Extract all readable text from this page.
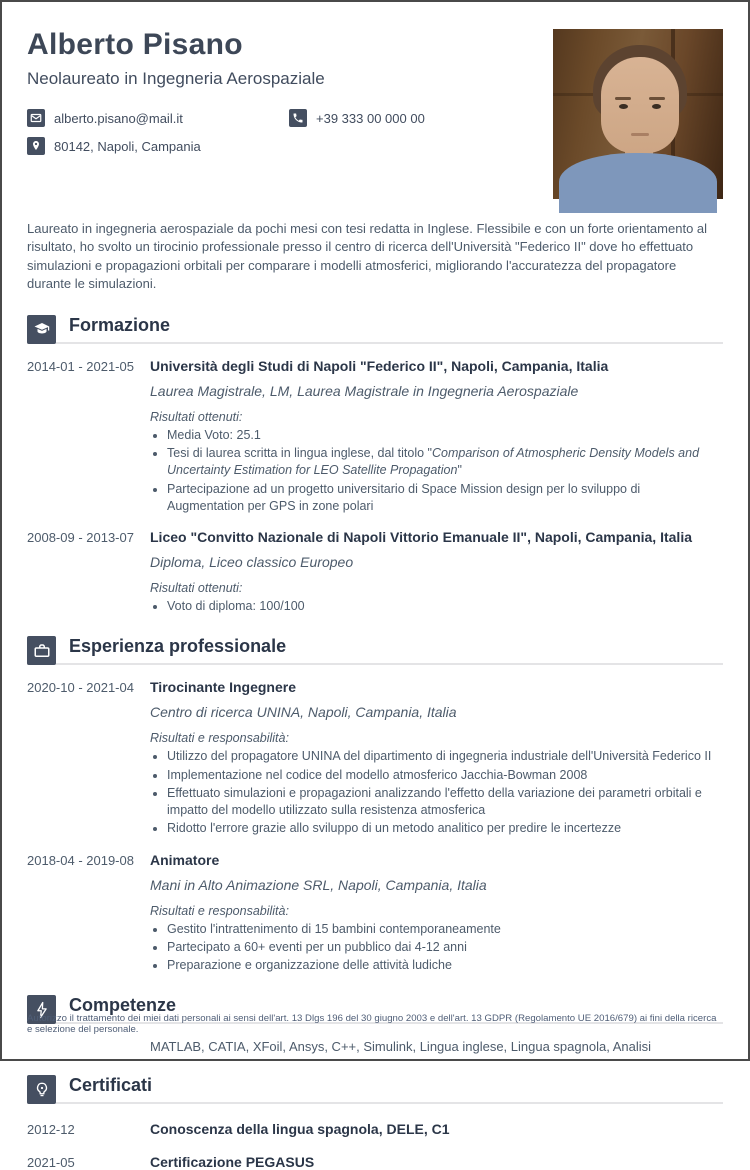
Alberto Pisano
Neolaureato in Ingegneria Aerospaziale
alberto.pisano@mail.it	+39 333 00 000 00
80142, Napoli, Campania
Laureato in ingegneria aerospaziale da pochi mesi con tesi redatta in Inglese. Flessibile e con un forte orientamento al risultato, ho svolto un tirocinio professionale presso il centro di ricerca dell'Università "Federico II" dove ho effettuato simulazioni e propagazioni orbitali per comparare i modelli atmosferici, migliorando l'accuratezza del propagatore durante le simulazioni.
Formazione
2014-01 - 2021-05	Università degli Studi di Napoli "Federico II", Napoli, Campania, Italia
Laurea Magistrale, LM, Laurea Magistrale in Ingegneria Aerospaziale
Risultati ottenuti:
• Media Voto: 25.1
• Tesi di laurea scritta in lingua inglese, dal titolo "Comparison of Atmospheric Density Models and Uncertainty Estimation for LEO Satellite Propagation"
• Partecipazione ad un progetto universitario di Space Mission design per lo sviluppo di Augmentation per GPS in zone polari
2008-09 - 2013-07	Liceo "Convitto Nazionale di Napoli Vittorio Emanuale II", Napoli, Campania, Italia
Diploma, Liceo classico Europeo
Risultati ottenuti:
• Voto di diploma: 100/100
Esperienza professionale
2020-10 - 2021-04	Tirocinante Ingegnere
Centro di ricerca UNINA, Napoli, Campania, Italia
Risultati e responsabilità:
• Utilizzo del propagatore UNINA del dipartimento di ingegneria industriale dell'Università Federico II
• Implementazione nel codice del modello atmosferico Jacchia-Bowman 2008
• Effettuato simulazioni e propagazioni analizzando l'effetto della variazione dei parametri orbitali e impatto del modello utilizzato sulla resistenza atmosferica
• Ridotto l'errore grazie allo sviluppo di un metodo analitico per predire le incertezze
2018-04 - 2019-08	Animatore
Mani in Alto Animazione SRL, Napoli, Campania, Italia
Risultati e responsabilità:
• Gestito l'intrattenimento di 15 bambini contemporaneamente
• Partecipato a 60+ eventi per un pubblico dai 4-12 anni
• Preparazione e organizzazione delle attività ludiche
Competenze
MATLAB, CATIA, XFoil, Ansys, C++, Simulink, Lingua inglese, Lingua spagnola, Analisi
Certificati
2012-12	Conoscenza della lingua spagnola, DELE, C1
2021-05	Certificazione PEGASUS
Autorizzo il trattamento dei miei dati personali ai sensi dell'art. 13 Dlgs 196 del 30 giugno 2003 e dell'art. 13 GDPR (Regolamento UE 2016/679) ai fini della ricerca e selezione del personale.
